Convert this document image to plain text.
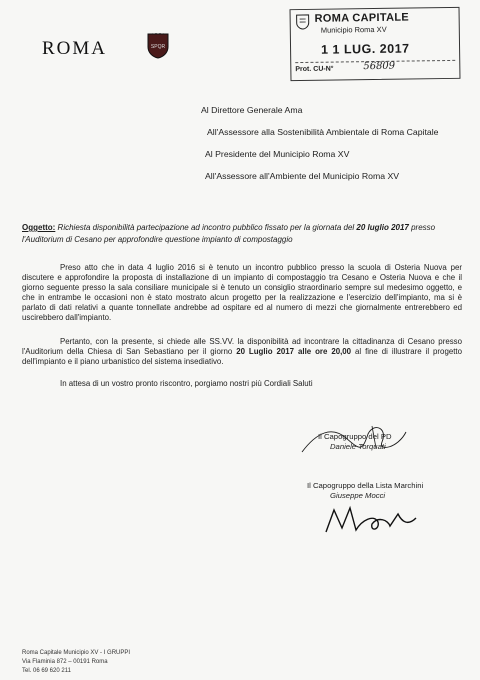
ROMA	SPQR
ROMA CAPITALE
Municipio Roma XV
1 1 LUG. 2017
Prot. CU-N°	56809
Al Direttore Generale Ama
All'Assessore alla Sostenibilità Ambientale di Roma Capitale
Al Presidente del Municipio Roma XV
All'Assessore all'Ambiente del Municipio Roma XV
Oggetto: Richiesta disponibilità partecipazione ad incontro pubblico fissato per la giornata del 20 luglio 2017 presso l'Auditorium di Cesano per approfondire questione impianto di compostaggio
Preso atto che in data 4 luglio 2016 si è tenuto un incontro pubblico presso la scuola di Osteria Nuova per discutere e approfondire la proposta di installazione di un impianto di compostaggio tra Cesano e Osteria Nuova e che il giorno seguente presso la sala consiliare municipale si è tenuto un consiglio straordinario sempre sul medesimo oggetto, e che in entrambe le occasioni non è stato mostrato alcun progetto per la realizzazione e l'esercizio dell'impianto, ma si è parlato di dati relativi a quante tonnellate andrebbe ad ospitare ed al numero di mezzi che giornalmente entrerebbero ed uscirebbero dall'impianto.
Pertanto, con la presente, si chiede alle SS.VV. la disponibilità ad incontrare la cittadinanza di Cesano presso l'Auditorium della Chiesa di San Sebastiano per il giorno 20 Luglio 2017 alle ore 20,00 al fine di illustrare il progetto dell'impianto e il piano urbanistico del sistema insediativo.
In attesa di un vostro pronto riscontro, porgiamo nostri più Cordiali Saluti
Il Capogruppo del PD
Daniele Torquati
Il Capogruppo della Lista Marchini
Giuseppe Mocci
Roma Capitale Municipio XV - I GRUPPI
Via Flaminia 872 – 00191 Roma
Tel. 06 69 620 211
